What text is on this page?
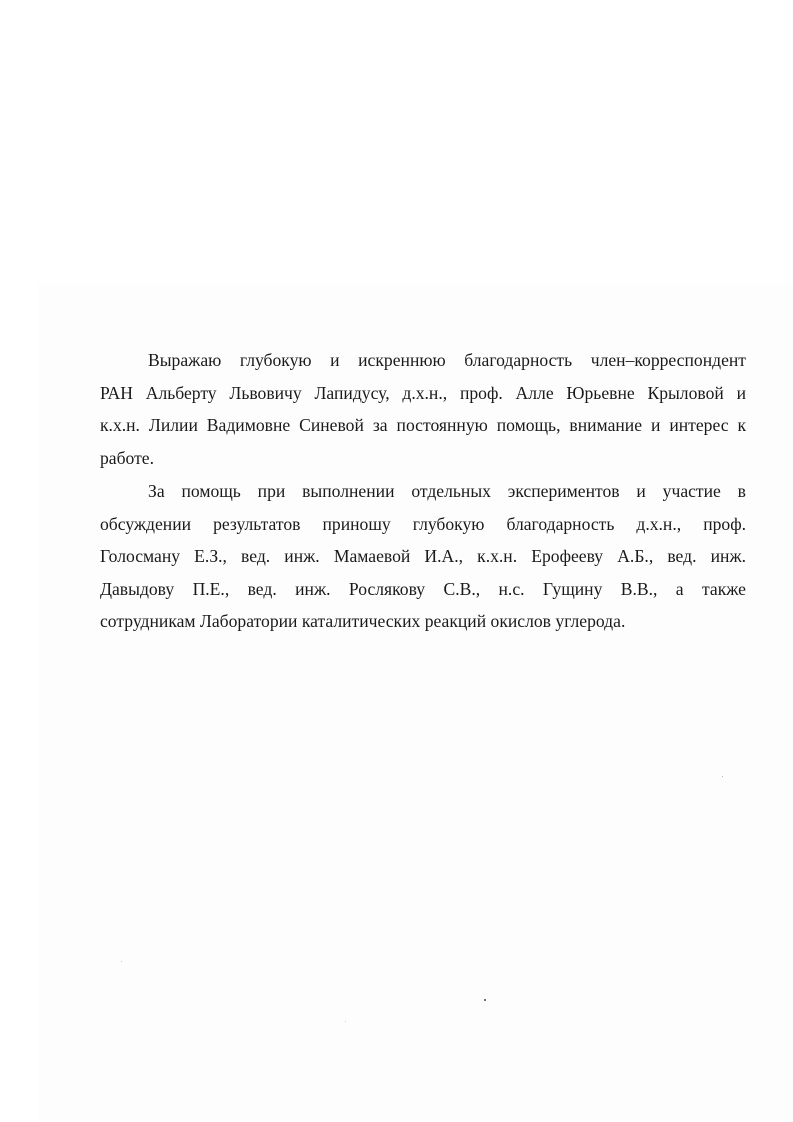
Выражаю глубокую и искреннюю благодарность член–корреспондент
РАН Альберту Львовичу Лапидусу, д.х.н., проф. Алле Юрьевне Крыловой и
к.х.н. Лилии Вадимовне Синевой за постоянную помощь, внимание и интерес к
работе.
За помощь при выполнении отдельных экспериментов и участие в
обсуждении результатов приношу глубокую благодарность д.х.н., проф.
Голосману Е.З., вед. инж. Мамаевой И.А., к.х.н. Ерофееву А.Б., вед. инж.
Давыдову П.Е., вед. инж. Рослякову С.В., н.с. Гущину В.В., а также
сотрудникам Лаборатории каталитических реакций окислов углерода.
